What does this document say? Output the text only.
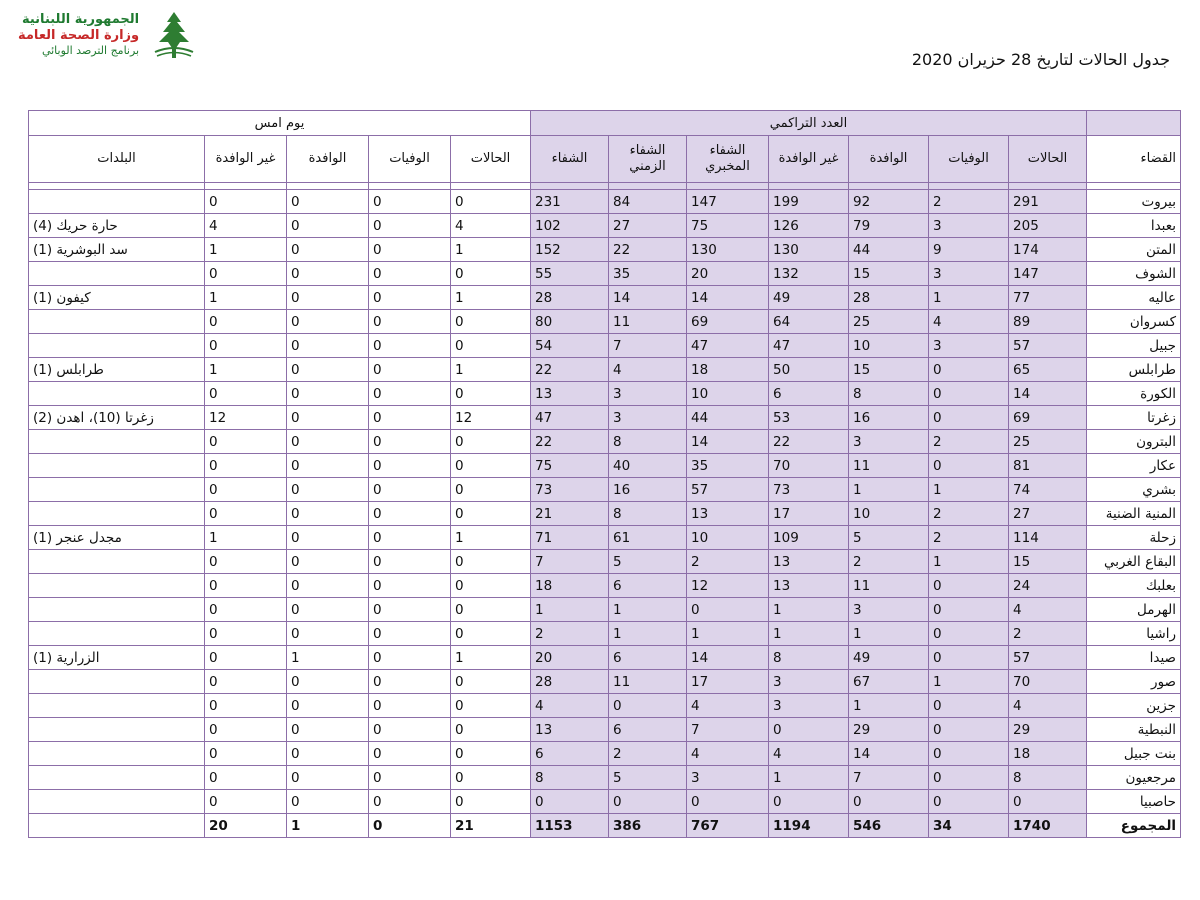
الجمهورية اللبنانية
وزارة الصحة العامة
برنامج الترصد الوبائي	جدول الحالات لتاريخ 28 حزيران 2020
	العدد التراكمي							يوم امس				
القضاء	الحالات	الوفيات	الوافدة	غير الوافدة	الشفاء المخبري	الشفاء الزمني	الشفاء	الحالات	الوفيات	الوافدة	غير الوافدة	البلدات

بيروت	291	2	92	199	147	84	231	0	0	0	0	
بعبدا	205	3	79	126	75	27	102	4	0	0	4	حارة حريك (4)
المتن	174	9	44	130	130	22	152	1	0	0	1	سد البوشرية (1)
الشوف	147	3	15	132	20	35	55	0	0	0	0	
عاليه	77	1	28	49	14	14	28	1	0	0	1	كيفون (1)
كسروان	89	4	25	64	69	11	80	0	0	0	0	
جبيل	57	3	10	47	47	7	54	0	0	0	0	
طرابلس	65	0	15	50	18	4	22	1	0	0	1	طرابلس (1)
الكورة	14	0	8	6	10	3	13	0	0	0	0	
زغرتا	69	0	16	53	44	3	47	12	0	0	12	زغرتا (10)، اهدن (2)
البترون	25	2	3	22	14	8	22	0	0	0	0	
عكار	81	0	11	70	35	40	75	0	0	0	0	
بشري	74	1	1	73	57	16	73	0	0	0	0	
المنية الضنية	27	2	10	17	13	8	21	0	0	0	0	
زحلة	114	2	5	109	10	61	71	1	0	0	1	مجدل عنجر (1)
البقاع الغربي	15	1	2	13	2	5	7	0	0	0	0	
بعلبك	24	0	11	13	12	6	18	0	0	0	0	
الهرمل	4	0	3	1	0	1	1	0	0	0	0	
راشيا	2	0	1	1	1	1	2	0	0	0	0	
صيدا	57	0	49	8	14	6	20	1	0	1	0	الزرارية (1)
صور	70	1	67	3	17	11	28	0	0	0	0	
جزين	4	0	1	3	4	0	4	0	0	0	0	
النبطية	29	0	29	0	7	6	13	0	0	0	0	
بنت جبيل	18	0	14	4	4	2	6	0	0	0	0	
مرجعيون	8	0	7	1	3	5	8	0	0	0	0	
حاصبيا	0	0	0	0	0	0	0	0	0	0	0	
المجموع	1740	34	546	1194	767	386	1153	21	0	1	20	
